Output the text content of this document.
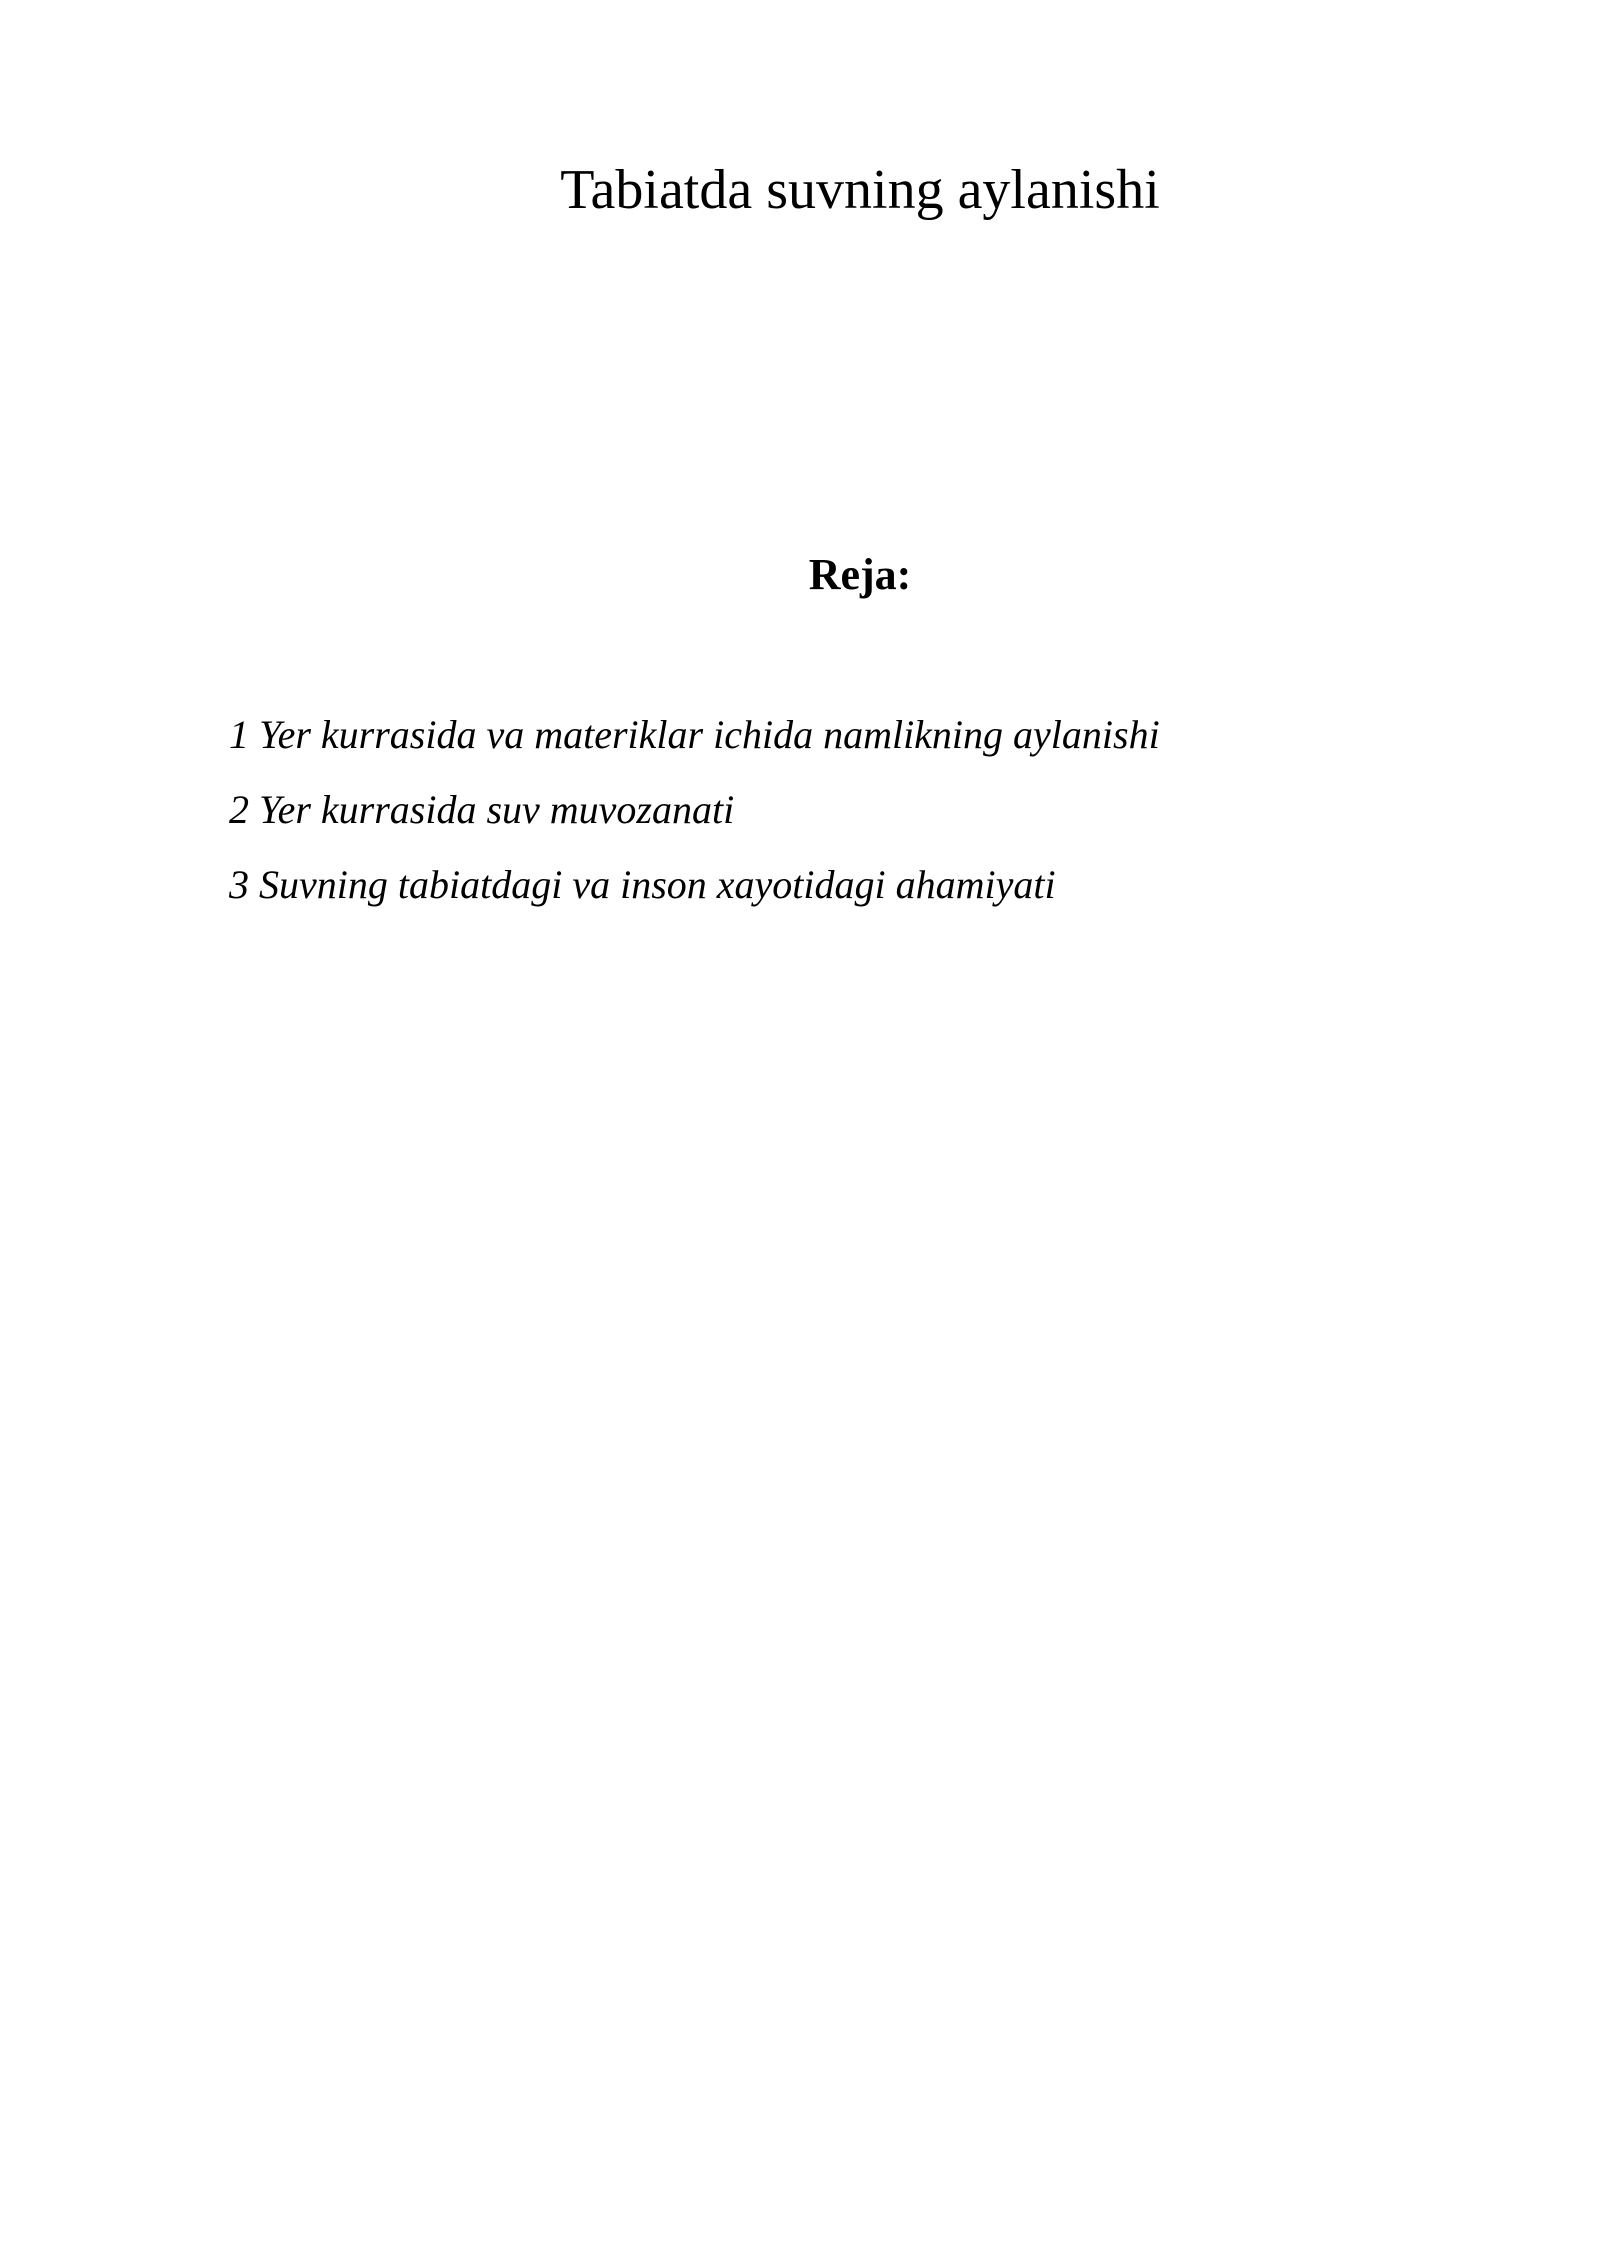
Tabiatda suvning aylanishi
Reja:
1 Yer kurrasida va materiklar ichida namlikning aylanishi
2 Yer kurrasida suv muvozanati
3 Suvning tabiatdagi va inson xayotidagi ahamiyati
